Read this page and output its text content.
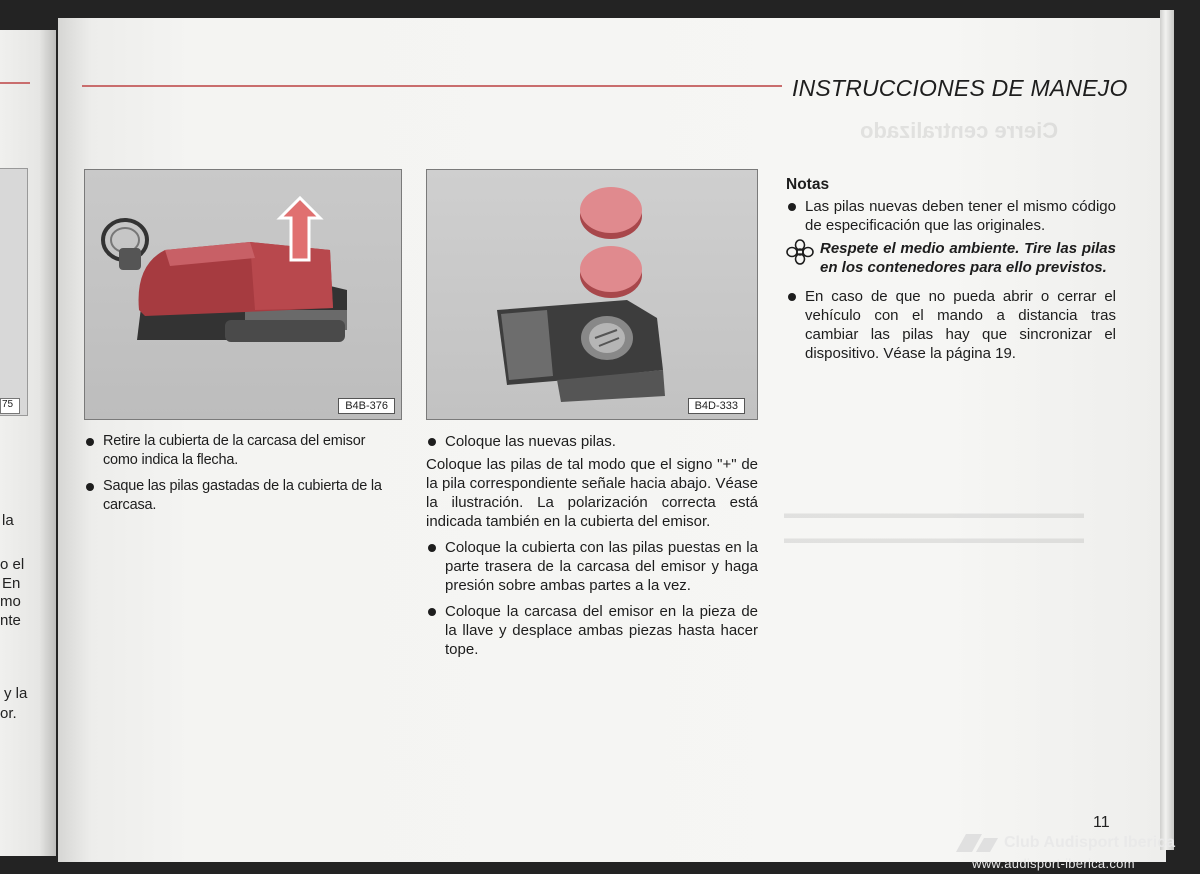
75
la
o el
En
mo
nte
y la
or.
Cierre centralizado
▬▬▬▬▬▬▬▬▬▬▬▬▬▬▬▬▬▬▬▬
▬▬▬▬▬▬▬▬▬▬▬▬▬▬▬▬▬▬▬▬
INSTRUCCIONES DE MANEJO
B4B-376	B4D-333
Retire la cubierta de la carcasa del emisor como indica la flecha.
Saque las pilas gastadas de la cubierta de la carcasa.
Coloque las nuevas pilas.
Coloque las pilas de tal modo que el signo "+" de la pila correspondiente señale hacia abajo. Véase la ilustración. La polarización correcta está indicada también en la cubierta del emisor.
Coloque la cubierta con las pilas puestas en la parte trasera de la carcasa del emisor y haga presión sobre ambas partes a la vez.
Coloque la carcasa del emisor en la pieza de la llave y desplace ambas piezas hasta hacer tope.
Notas
Las pilas nuevas deben tener el mismo código de especificación que las originales.
Respete el medio ambiente. Tire las pilas en los contenedores para ello previstos.
En caso de que no pueda abrir o cerrar el vehículo con el mando a distancia tras cambiar las pilas hay que sincronizar el dispositivo. Véase la página 19.
11
Club Audisport Iberica
www.audisport-iberica.com
